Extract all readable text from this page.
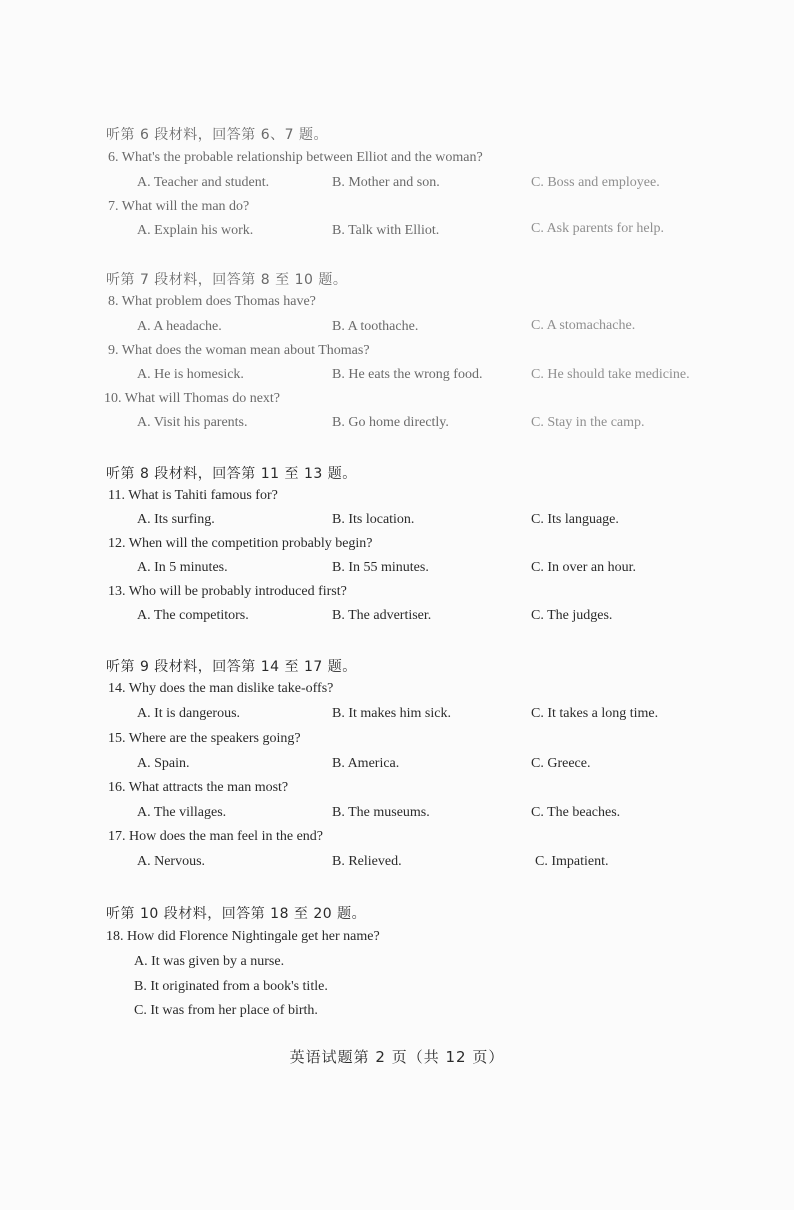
听第 6 段材料，回答第 6、7 题。
6. What's the probable relationship between Elliot and the woman?
A. Teacher and student.	B. Mother and son.	C. Boss and employee.
7. What will the man do?
A. Explain his work.	B. Talk with Elliot.	C. Ask parents for help.
听第 7 段材料，回答第 8 至 10 题。
8. What problem does Thomas have?
A. A headache.	B. A toothache.	C. A stomachache.
9. What does the woman mean about Thomas?
A. He is homesick.	B. He eats the wrong food.	C. He should take medicine.
10. What will Thomas do next?
A. Visit his parents.	B. Go home directly.	C. Stay in the camp.
听第 8 段材料，回答第 11 至 13 题。
11. What is Tahiti famous for?
A. Its surfing.	B. Its location.	C. Its language.
12. When will the competition probably begin?
A. In 5 minutes.	B. In 55 minutes.	C. In over an hour.
13. Who will be probably introduced first?
A. The competitors.	B. The advertiser.	C. The judges.
听第 9 段材料，回答第 14 至 17 题。
14. Why does the man dislike take-offs?
A. It is dangerous.	B. It makes him sick.	C. It takes a long time.
15. Where are the speakers going?
A. Spain.	B. America.	C. Greece.
16. What attracts the man most?
A. The villages.	B. The museums.	C. The beaches.
17. How does the man feel in the end?
A. Nervous.	B. Relieved.	C. Impatient.
听第 10 段材料，回答第 18 至 20 题。
18. How did Florence Nightingale get her name?
A. It was given by a nurse.
B. It originated from a book's title.
C. It was from her place of birth.
英语试题第 2 页（共 12 页）
